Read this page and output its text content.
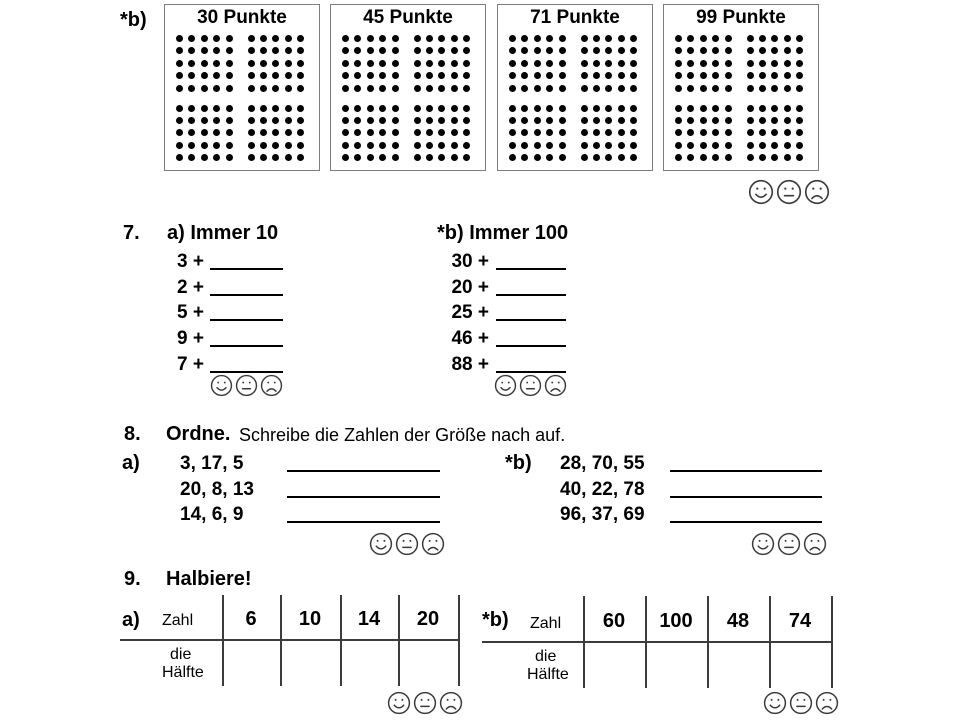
*b)	30 Punkte	45 Punkte	71 Punkte	99 Punkte
7. a) Immer 10	*b) Immer 100
3 +
2 +
5 +
9 +
7 +
30 +
20 +
25 +
46 +
88 +
8. Ordne. Schreibe die Zahlen der Größe nach auf.
a) 3, 17, 5
20, 8, 13
14, 6, 9
*b) 28, 70, 55
40, 22, 78
96, 37, 69
9. Halbiere!
a) Zahl	6	10	14	20
die
Hälfte
*b) Zahl	60	100	48	74
die
Hälfte
